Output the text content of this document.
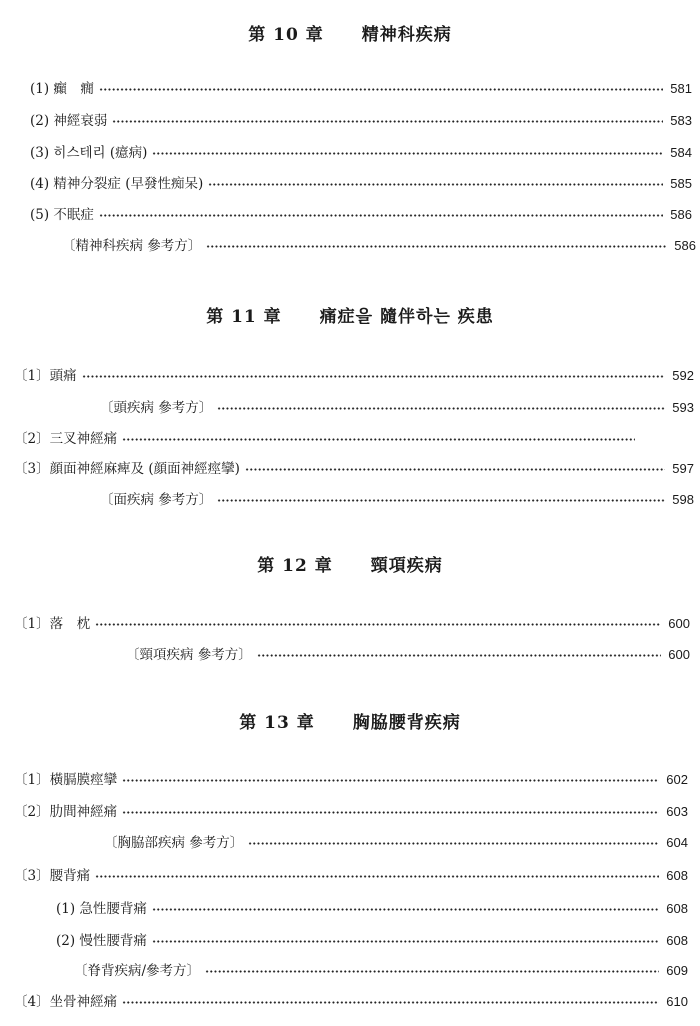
第 10 章 精神科疾病
(1) 癲　癇	581
(2) 神經衰弱	583
(3) 히스테리 (癔病)	584
(4) 精神分裂症 (早發性痴呆)	585
(5) 不眠症	586
〔精神科疾病 參考方〕	586
第 11 章 痛症을 隨伴하는 疾患
〔1〕頭痛	592
〔頭疾病 參考方〕	593
〔2〕三叉神經痛
〔3〕顔面神經麻痺及 (顔面神經痙攣)	597
〔面疾病 參考方〕	598
第 12 章 頸項疾病
〔1〕落　枕	600
〔頸項疾病 參考方〕	600
第 13 章 胸脇腰背疾病
〔1〕橫膈膜痙攣	602
〔2〕肋間神經痛	603
〔胸脇部疾病 參考方〕	604
〔3〕腰背痛	608
(1) 急性腰背痛	608
(2) 慢性腰背痛	608
〔脊背疾病/參考方〕	609
〔4〕坐骨神經痛	610
